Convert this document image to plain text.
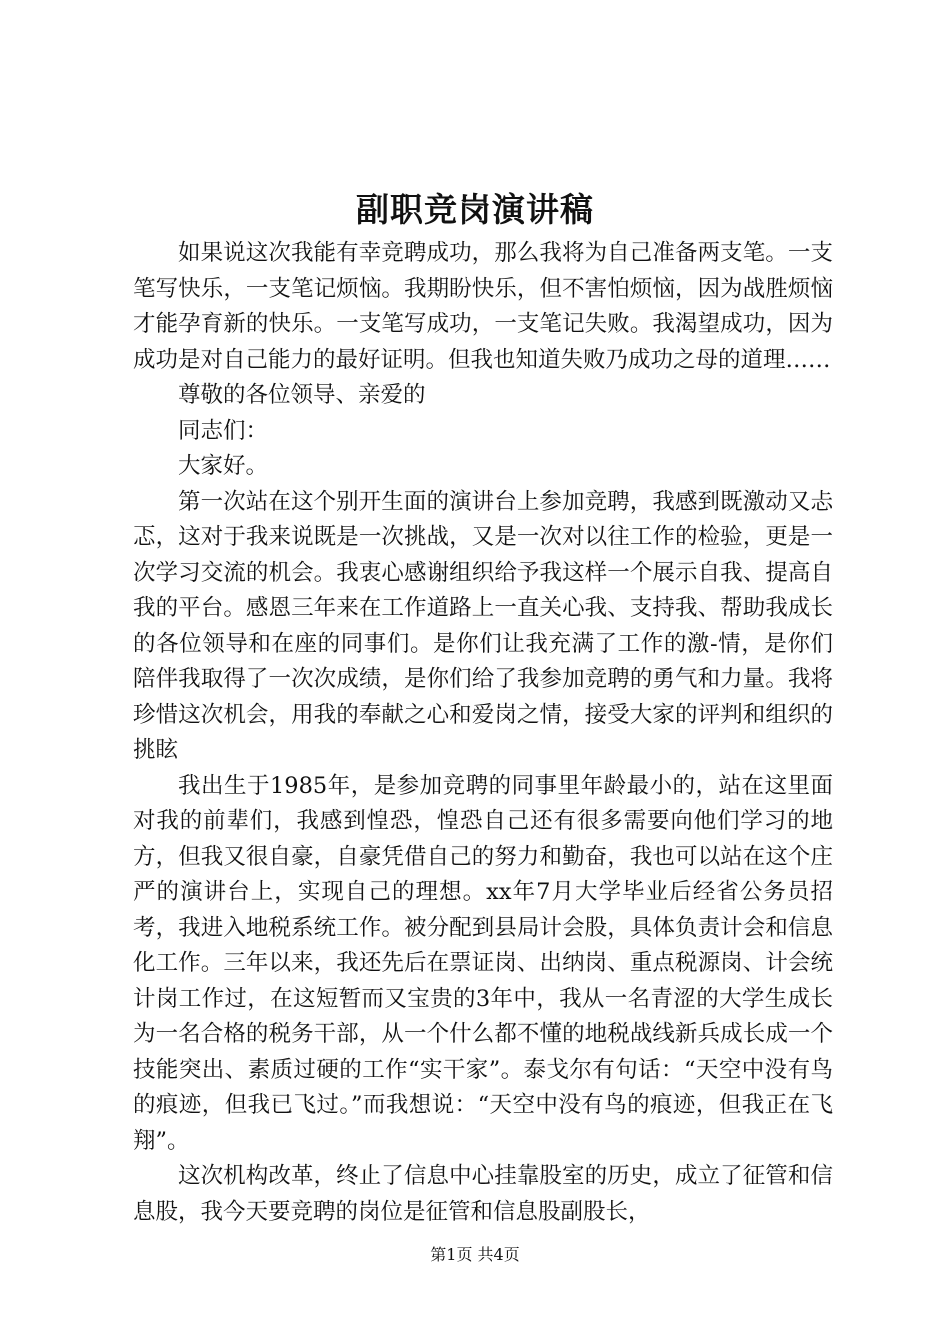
副职竞岗演讲稿

如果说这次我能有幸竞聘成功，那么我将为自己准备两支笔。一支笔写快乐，一支笔记烦恼。我期盼快乐，但不害怕烦恼，因为战胜烦恼才能孕育新的快乐。一支笔写成功，一支笔记失败。我渴望成功，因为成功是对自己能力的最好证明。但我也知道失败乃成功之母的道理……

尊敬的各位领导、亲爱的

同志们：

大家好。

第一次站在这个别开生面的演讲台上参加竞聘，我感到既激动又忐忑，这对于我来说既是一次挑战，又是一次对以往工作的检验，更是一次学习交流的机会。我衷心感谢组织给予我这样一个展示自我、提高自我的平台。感恩三年来在工作道路上一直关心我、支持我、帮助我成长的各位领导和在座的同事们。是你们让我充满了工作的激-情，是你们陪伴我取得了一次次成绩，是你们给了我参加竞聘的勇气和力量。我将珍惜这次机会，用我的奉献之心和爱岗之情，接受大家的评判和组织的挑眩

我出生于1985年，是参加竞聘的同事里年龄最小的，站在这里面对我的前辈们，我感到惶恐，惶恐自己还有很多需要向他们学习的地方，但我又很自豪，自豪凭借自己的努力和勤奋，我也可以站在这个庄严的演讲台上，实现自己的理想。xx年7月大学毕业后经省公务员招考，我进入地税系统工作。被分配到县局计会股，具体负责计会和信息化工作。三年以来，我还先后在票证岗、出纳岗、重点税源岗、计会统计岗工作过，在这短暂而又宝贵的3年中，我从一名青涩的大学生成长为一名合格的税务干部，从一个什么都不懂的地税战线新兵成长成一个技能突出、素质过硬的工作“实干家”。泰戈尔有句话：“天空中没有鸟的痕迹，但我已飞过。”而我想说：“天空中没有鸟的痕迹，但我正在飞翔”。

这次机构改革，终止了信息中心挂靠股室的历史，成立了征管和信息股，我今天要竞聘的岗位是征管和信息股副股长，

第1页 共4页
